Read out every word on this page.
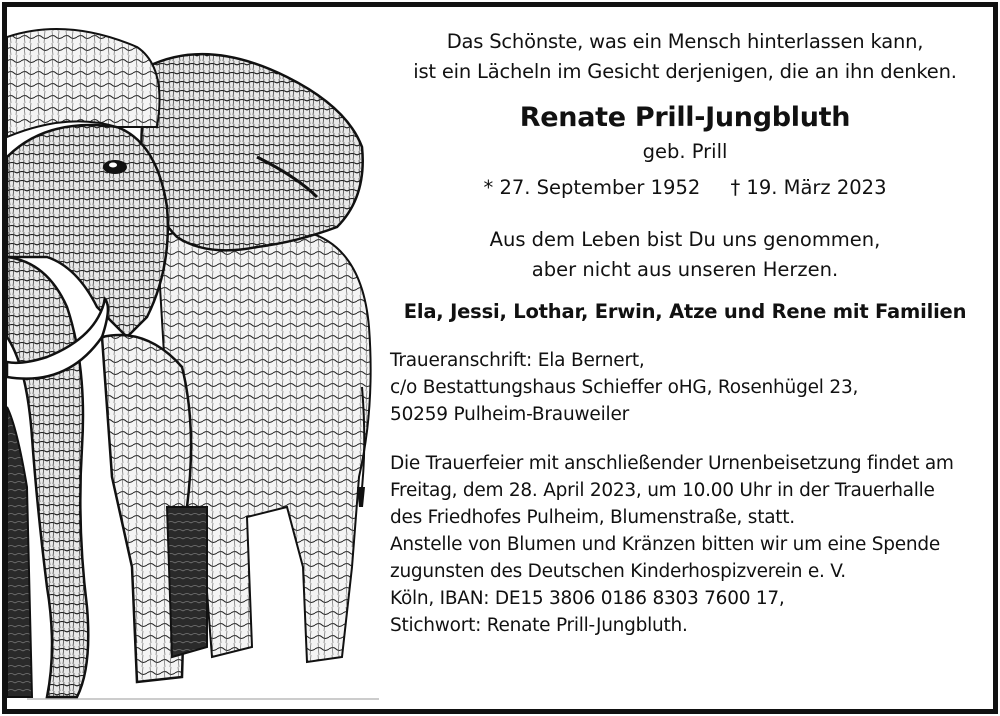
Das Schönste, was ein Mensch hinterlassen kann,
ist ein Lächeln im Gesicht derjenigen, die an ihn denken.
Renate Prill-Jungbluth
geb. Prill
* 27. September 1952 † 19. März 2023
Aus dem Leben bist Du uns genommen,
aber nicht aus unseren Herzen.
Ela, Jessi, Lothar, Erwin, Atze und Rene mit Familien
Traueranschrift: Ela Bernert,
c/o Bestattungshaus Schieffer oHG, Rosenhügel 23,
50259 Pulheim-Brauweiler
Die Trauerfeier mit anschließender Urnenbeisetzung findet am
Freitag, dem 28. April 2023, um 10.00 Uhr in der Trauerhalle
des Friedhofes Pulheim, Blumenstraße, statt.
Anstelle von Blumen und Kränzen bitten wir um eine Spende
zugunsten des Deutschen Kinderhospizverein e. V.
Köln, IBAN: DE15 3806 0186 8303 7600 17,
Stichwort: Renate Prill-Jungbluth.
